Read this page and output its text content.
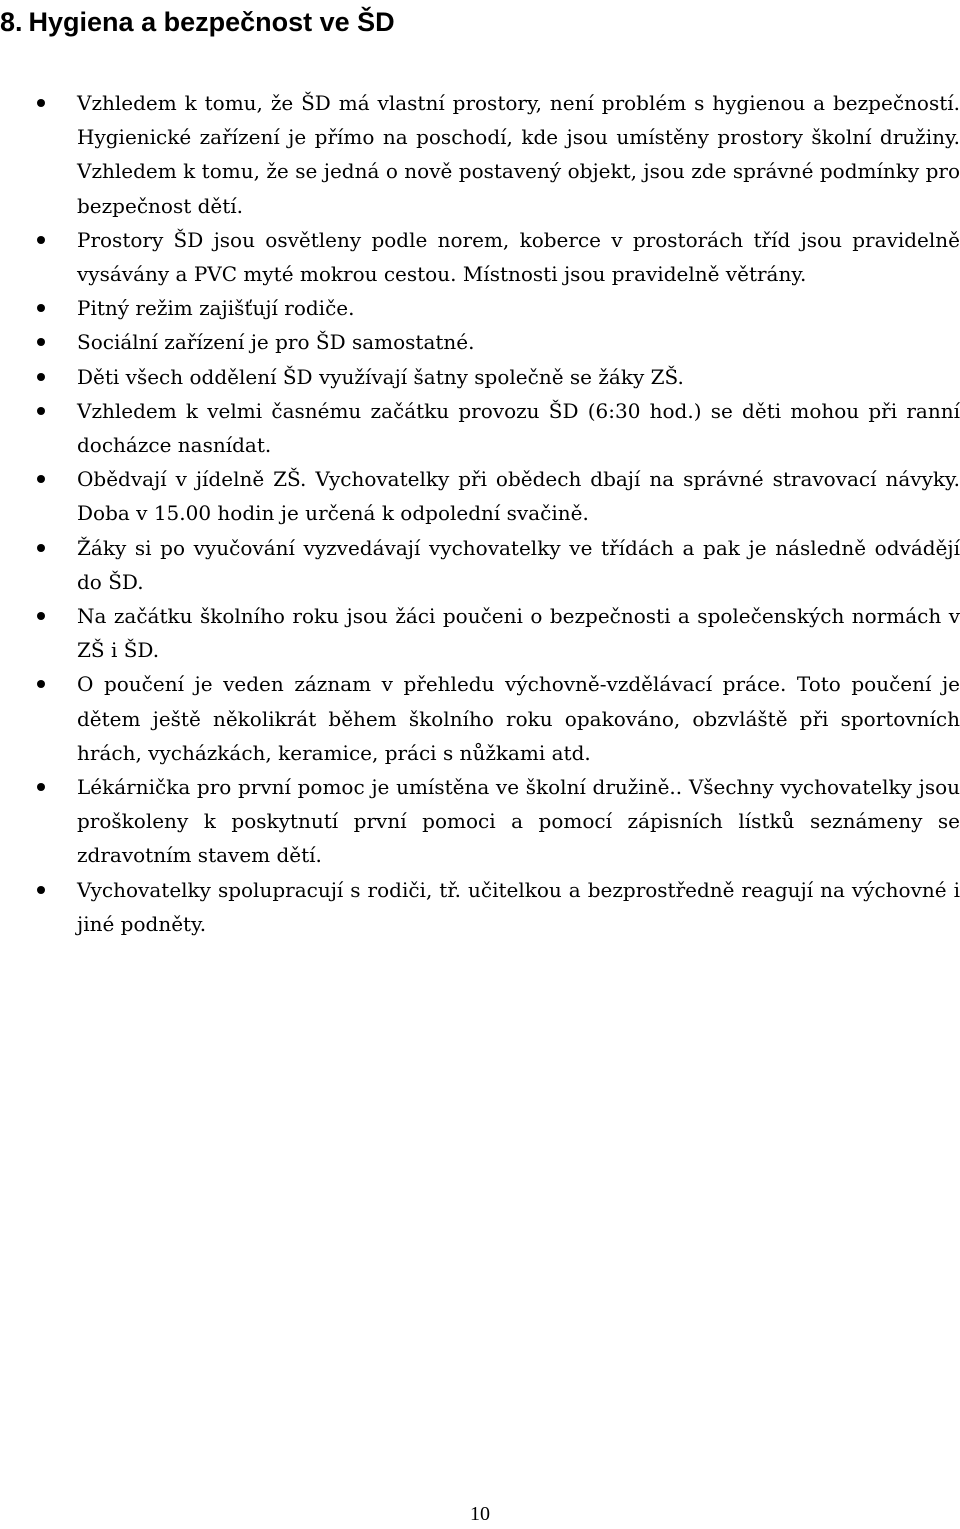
8. Hygiena a bezpečnost ve ŠD
Vzhledem k tomu, že ŠD má vlastní prostory, není problém s hygienou a bezpečností. Hygienické zařízení je přímo na poschodí, kde jsou umístěny prostory školní družiny. Vzhledem k tomu, že se jedná o nově postavený objekt, jsou zde správné podmínky pro bezpečnost dětí.
Prostory ŠD jsou osvětleny podle norem, koberce v prostorách tříd jsou pravidelně vysávány a PVC myté mokrou cestou. Místnosti jsou pravidelně větrány.
Pitný režim zajišťují rodiče.
Sociální zařízení je pro ŠD samostatné.
Děti všech oddělení ŠD využívají šatny společně se žáky ZŠ.
Vzhledem k velmi časnému začátku provozu ŠD (6:30 hod.) se děti mohou při ranní docházce nasnídat.
Obědvají v jídelně ZŠ. Vychovatelky při obědech dbají na správné stravovací návyky. Doba v 15.00 hodin je určená k odpolední svačině.
Žáky si po vyučování vyzvedávají vychovatelky ve třídách a pak je následně odvádějí do ŠD.
Na začátku školního roku jsou žáci poučeni o bezpečnosti a společenských normách v ZŠ i ŠD.
O poučení je veden záznam v přehledu výchovně-vzdělávací práce. Toto poučení je dětem ještě několikrát během školního roku opakováno, obzvláště při sportovních hrách, vycházkách, keramice, práci s nůžkami atd.
Lékárnička pro první pomoc je umístěna ve školní družině.. Všechny vychovatelky jsou proškoleny k poskytnutí první pomoci a pomocí zápisních lístků seznámeny se zdravotním stavem dětí.
Vychovatelky spolupracují s rodiči, tř. učitelkou a bezprostředně reagují na výchovné i jiné podněty.
10
